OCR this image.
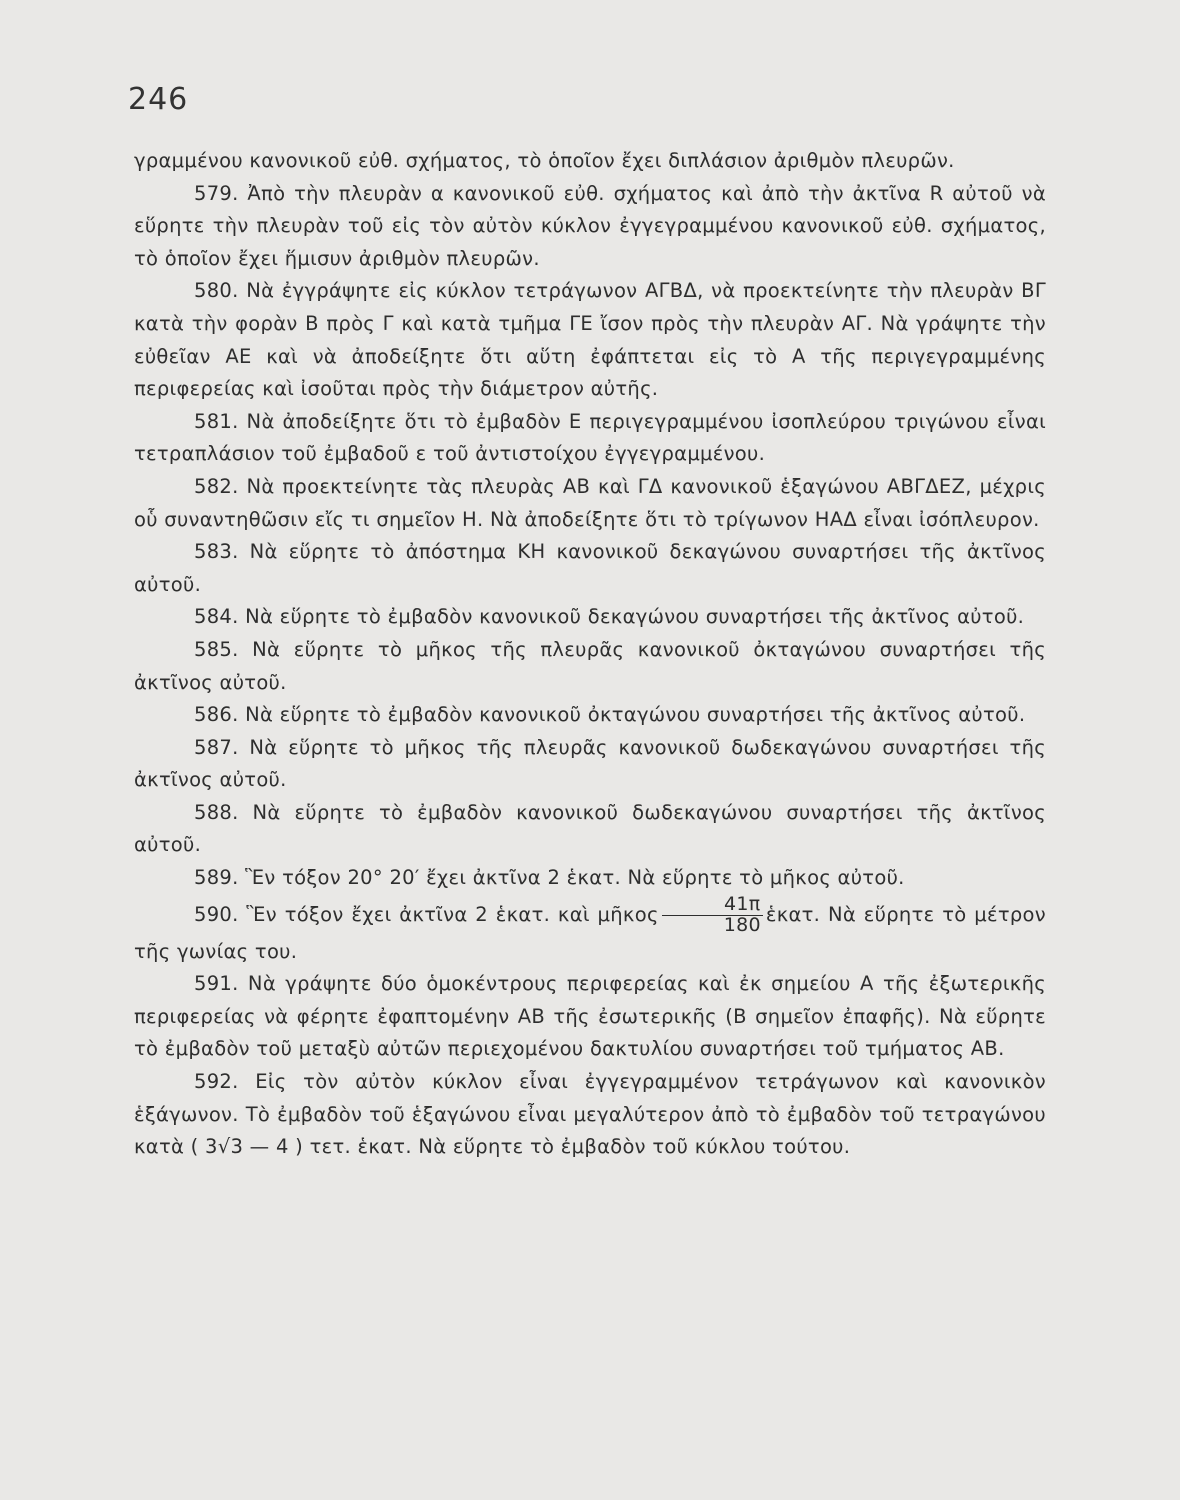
246

γραμμένου κανονικοῦ εὐθ. σχήματος, τὸ ὁποῖον ἔχει διπλάσιον ἀριθμὸν πλευρῶν.

579. Ἀπὸ τὴν πλευρὰν α κανονικοῦ εὐθ. σχήματος καὶ ἀπὸ τὴν ἀκτῖνα R αὐτοῦ νὰ εὕρητε τὴν πλευρὰν τοῦ εἰς τὸν αὐτὸν κύκλον ἐγγεγραμμένου κανονικοῦ εὐθ. σχήματος, τὸ ὁποῖον ἔχει ἥμισυν ἀριθμὸν πλευρῶν.

580. Νὰ ἐγγράψητε εἰς κύκλον τετράγωνον ΑΓΒΔ, νὰ προεκτείνητε τὴν πλευρὰν ΒΓ κατὰ τὴν φορὰν Β πρὸς Γ καὶ κατὰ τμῆμα ΓΕ ἴσον πρὸς τὴν πλευρὰν ΑΓ. Νὰ γράψητε τὴν εὐθεῖαν ΑΕ καὶ νὰ ἀποδείξητε ὅτι αὕτη ἐφάπτεται εἰς τὸ Α τῆς περιγεγραμμένης περιφερείας καὶ ἰσοῦται πρὸς τὴν διάμετρον αὐτῆς.

581. Νὰ ἀποδείξητε ὅτι τὸ ἐμβαδὸν Ε περιγεγραμμένου ἰσοπλεύρου τριγώνου εἶναι τετραπλάσιον τοῦ ἐμβαδοῦ ε τοῦ ἀντιστοίχου ἐγγεγραμμένου.

582. Νὰ προεκτείνητε τὰς πλευρὰς ΑΒ καὶ ΓΔ κανονικοῦ ἑξαγώνου ΑΒΓΔΕΖ, μέχρις οὗ συναντηθῶσιν εἴς τι σημεῖον Η. Νὰ ἀποδείξητε ὅτι τὸ τρίγωνον ΗΑΔ εἶναι ἰσόπλευρον.

583. Νὰ εὕρητε τὸ ἀπόστημα ΚΗ κανονικοῦ δεκαγώνου συναρτήσει τῆς ἀκτῖνος αὐτοῦ.

584. Νὰ εὕρητε τὸ ἐμβαδὸν κανονικοῦ δεκαγώνου συναρτήσει τῆς ἀκτῖνος αὐτοῦ.

585. Νὰ εὕρητε τὸ μῆκος τῆς πλευρᾶς κανονικοῦ ὀκταγώνου συναρτήσει τῆς ἀκτῖνος αὐτοῦ.

586. Νὰ εὕρητε τὸ ἐμβαδὸν κανονικοῦ ὀκταγώνου συναρτήσει τῆς ἀκτῖνος αὐτοῦ.

587. Νὰ εὕρητε τὸ μῆκος τῆς πλευρᾶς κανονικοῦ δωδεκαγώνου συναρτήσει τῆς ἀκτῖνος αὐτοῦ.

588. Νὰ εὕρητε τὸ ἐμβαδὸν κανονικοῦ δωδεκαγώνου συναρτήσει τῆς ἀκτῖνος αὐτοῦ.

589. Ἓν τόξον 20° 20′ ἔχει ἀκτῖνα 2 ἑκατ. Νὰ εὕρητε τὸ μῆκος αὐτοῦ.

590. Ἓν τόξον ἔχει ἀκτῖνα 2 ἑκατ. καὶ μῆκος $\frac{41\pi}{180}$ ἑκατ. Νὰ εὕρητε τὸ μέτρον τῆς γωνίας του.

591. Νὰ γράψητε δύο ὁμοκέντρους περιφερείας καὶ ἐκ σημείου Α τῆς ἐξωτερικῆς περιφερείας νὰ φέρητε ἐφαπτομένην ΑΒ τῆς ἐσωτερικῆς (Β σημεῖον ἐπαφῆς). Νὰ εὕρητε τὸ ἐμβαδὸν τοῦ μεταξὺ αὐτῶν περιεχομένου δακτυλίου συναρτήσει τοῦ τμήματος ΑΒ.

592. Εἰς τὸν αὐτὸν κύκλον εἶναι ἐγγεγραμμένον τετράγωνον καὶ κανονικὸν ἑξάγωνον. Τὸ ἐμβαδὸν τοῦ ἑξαγώνου εἶναι μεγαλύτερον ἀπὸ τὸ ἐμβαδὸν τοῦ τετραγώνου κατὰ ( 3√3 — 4 ) τετ. ἑκατ. Νὰ εὕρητε τὸ ἐμβαδὸν τοῦ κύκλου τούτου.
